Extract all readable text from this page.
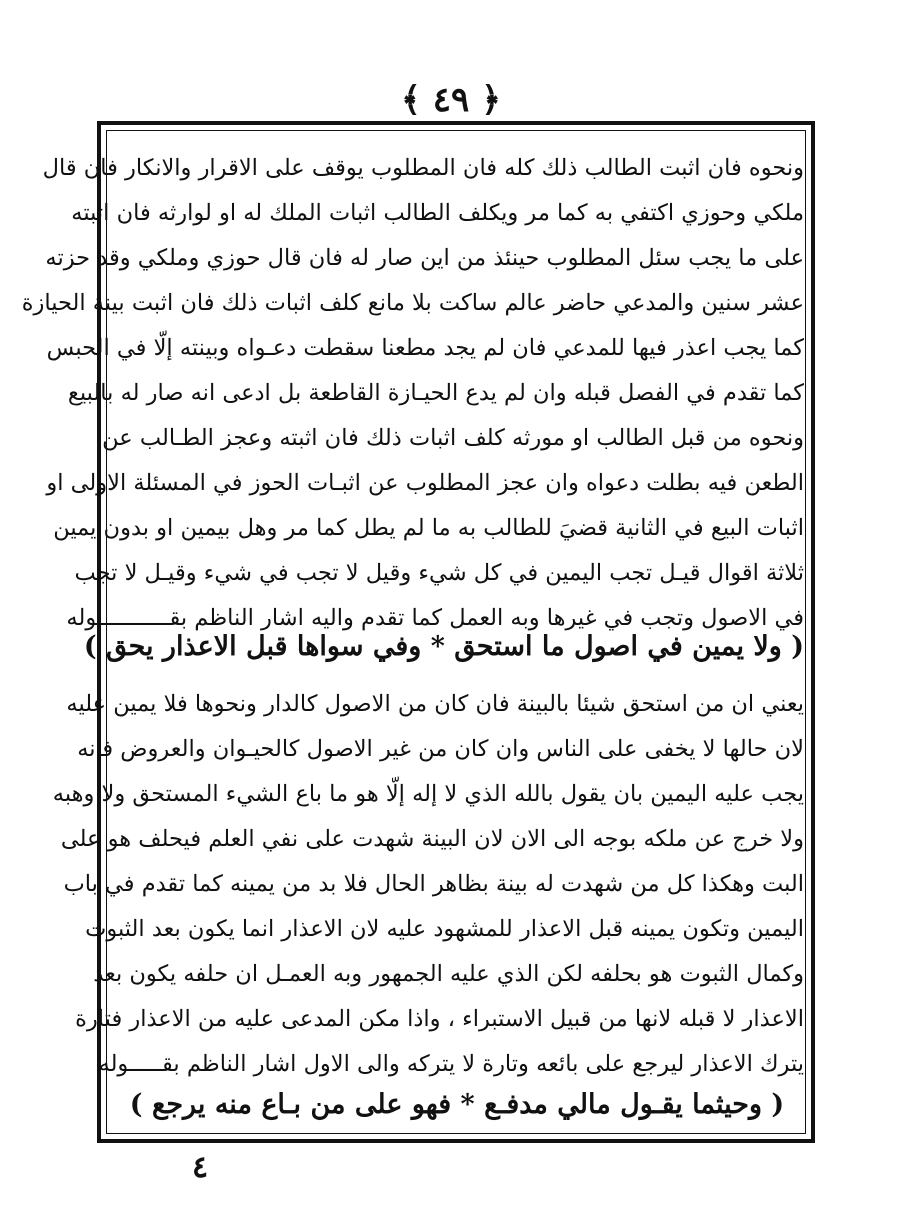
﴿ ٤٩ ﴾
ونحوه فان اثبت الطالب ذلك كله فان المطلوب يوقف على الاقرار والانكار فان قال
ملكي وحوزي اكتفي به كما مر ويكلف الطالب اثبات الملك له او لوارثه فان اثبته
على ما يجب سئل المطلوب حينئذ من اين صار له فان قال حوزي وملكي وقد حزته
عشر سنين والمدعي حاضر عالم ساكت بلا مانع كلف اثبات ذلك فان اثبت بينة الحيازة
كما يجب اعذر فيها للمدعي فان لم يجد مطعنا سقطت دعـواه وبينته إلّا في الحبس
كما تقدم في الفصل قبله وان لم يدع الحيـازة القاطعة بل ادعى انه صار له بالبيع
ونحوه من قبل الطالب او مورثه كلف اثبات ذلك فان اثبته وعجز الطـالب عن
الطعن فيه بطلت دعواه وان عجز المطلوب عن اثبـات الحوز في المسئلة الاولى او
اثبات البيع في الثانية قضيَ للطالب به ما لم يطل كما مر وهل بيمين او بدون يمين
ثلاثة اقوال قيـل تجب اليمين في كل شيء وقيل لا تجب في شيء وقيـل لا تجب
في الاصول وتجب في غيرها وبه العمل كما تقدم واليه اشار الناظم بقـــــــــــوله
( ولا يمين في اصول ما استحق * وفي سواها قبل الاعذار يحق )
يعني ان من استحق شيئا بالبينة فان كان من الاصول كالدار ونحوها فلا يمين عليه
لان حالها لا يخفى على الناس وان كان من غير الاصول كالحيـوان والعروض فانه
يجب عليه اليمين بان يقول بالله الذي لا إله إلّا هو ما باع الشيء المستحق ولا وهبه
ولا خرج عن ملكه بوجه الى الان لان البينة شهدت على نفي العلم فيحلف هو على
البت وهكذا كل من شهدت له بينة بظاهر الحال فلا بد من يمينه كما تقدم في باب
اليمين وتكون يمينه قبل الاعذار للمشهود عليه لان الاعذار انما يكون بعد الثبوت
وكمال الثبوت هو بحلفه لكن الذي عليه الجمهور وبه العمـل ان حلفه يكون بعد
الاعذار لا قبله لانها من قبيل الاستبراء ، واذا مكن المدعى عليه من الاعذار فتارة
يترك الاعذار ليرجع على بائعه وتارة لا يتركه والى الاول اشار الناظم بقـــــوله
( وحيثما يقـول مالي مدفـع * فهو على من بـاع منه يرجع )
٤
